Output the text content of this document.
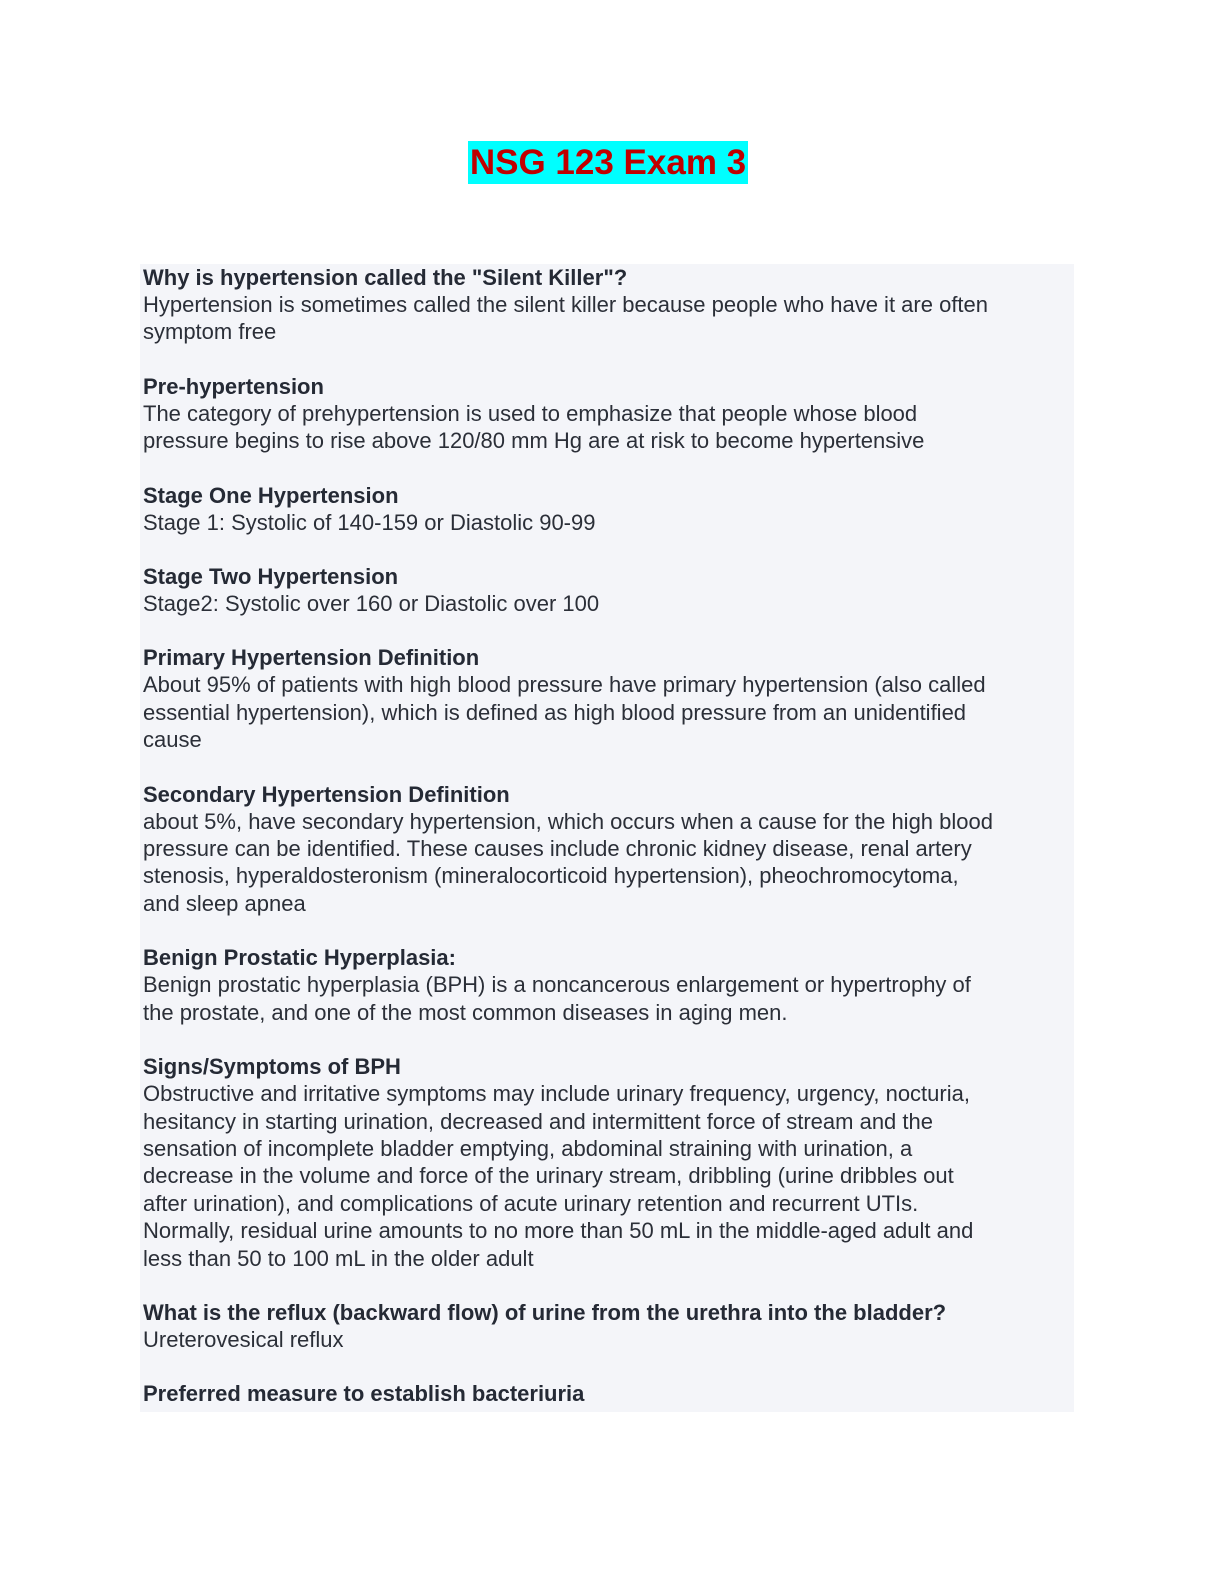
NSG 123 Exam 3

Why is hypertension called the "Silent Killer"?

Hypertension is sometimes called the silent killer because people who have it are often
symptom free

Pre-hypertension

The category of prehypertension is used to emphasize that people whose blood
pressure begins to rise above 120/80 mm Hg are at risk to become hypertensive

Stage One Hypertension

Stage 1: Systolic of 140-159 or Diastolic 90-99

Stage Two Hypertension

Stage2: Systolic over 160 or Diastolic over 100

Primary Hypertension Definition

About 95% of patients with high blood pressure have primary hypertension (also called
essential hypertension), which is defined as high blood pressure from an unidentified
cause

Secondary Hypertension Definition

about 5%, have secondary hypertension, which occurs when a cause for the high blood
pressure can be identified. These causes include chronic kidney disease, renal artery
stenosis, hyperaldosteronism (mineralocorticoid hypertension), pheochromocytoma,
and sleep apnea

Benign Prostatic Hyperplasia:

Benign prostatic hyperplasia (BPH) is a noncancerous enlargement or hypertrophy of
the prostate, and one of the most common diseases in aging men.

Signs/Symptoms of BPH

Obstructive and irritative symptoms may include urinary frequency, urgency, nocturia,
hesitancy in starting urination, decreased and intermittent force of stream and the
sensation of incomplete bladder emptying, abdominal straining with urination, a
decrease in the volume and force of the urinary stream, dribbling (urine dribbles out
after urination), and complications of acute urinary retention and recurrent UTIs.
Normally, residual urine amounts to no more than 50 mL in the middle-aged adult and
less than 50 to 100 mL in the older adult

What is the reflux (backward flow) of urine from the urethra into the bladder?

Ureterovesical reflux

Preferred measure to establish bacteriuria
